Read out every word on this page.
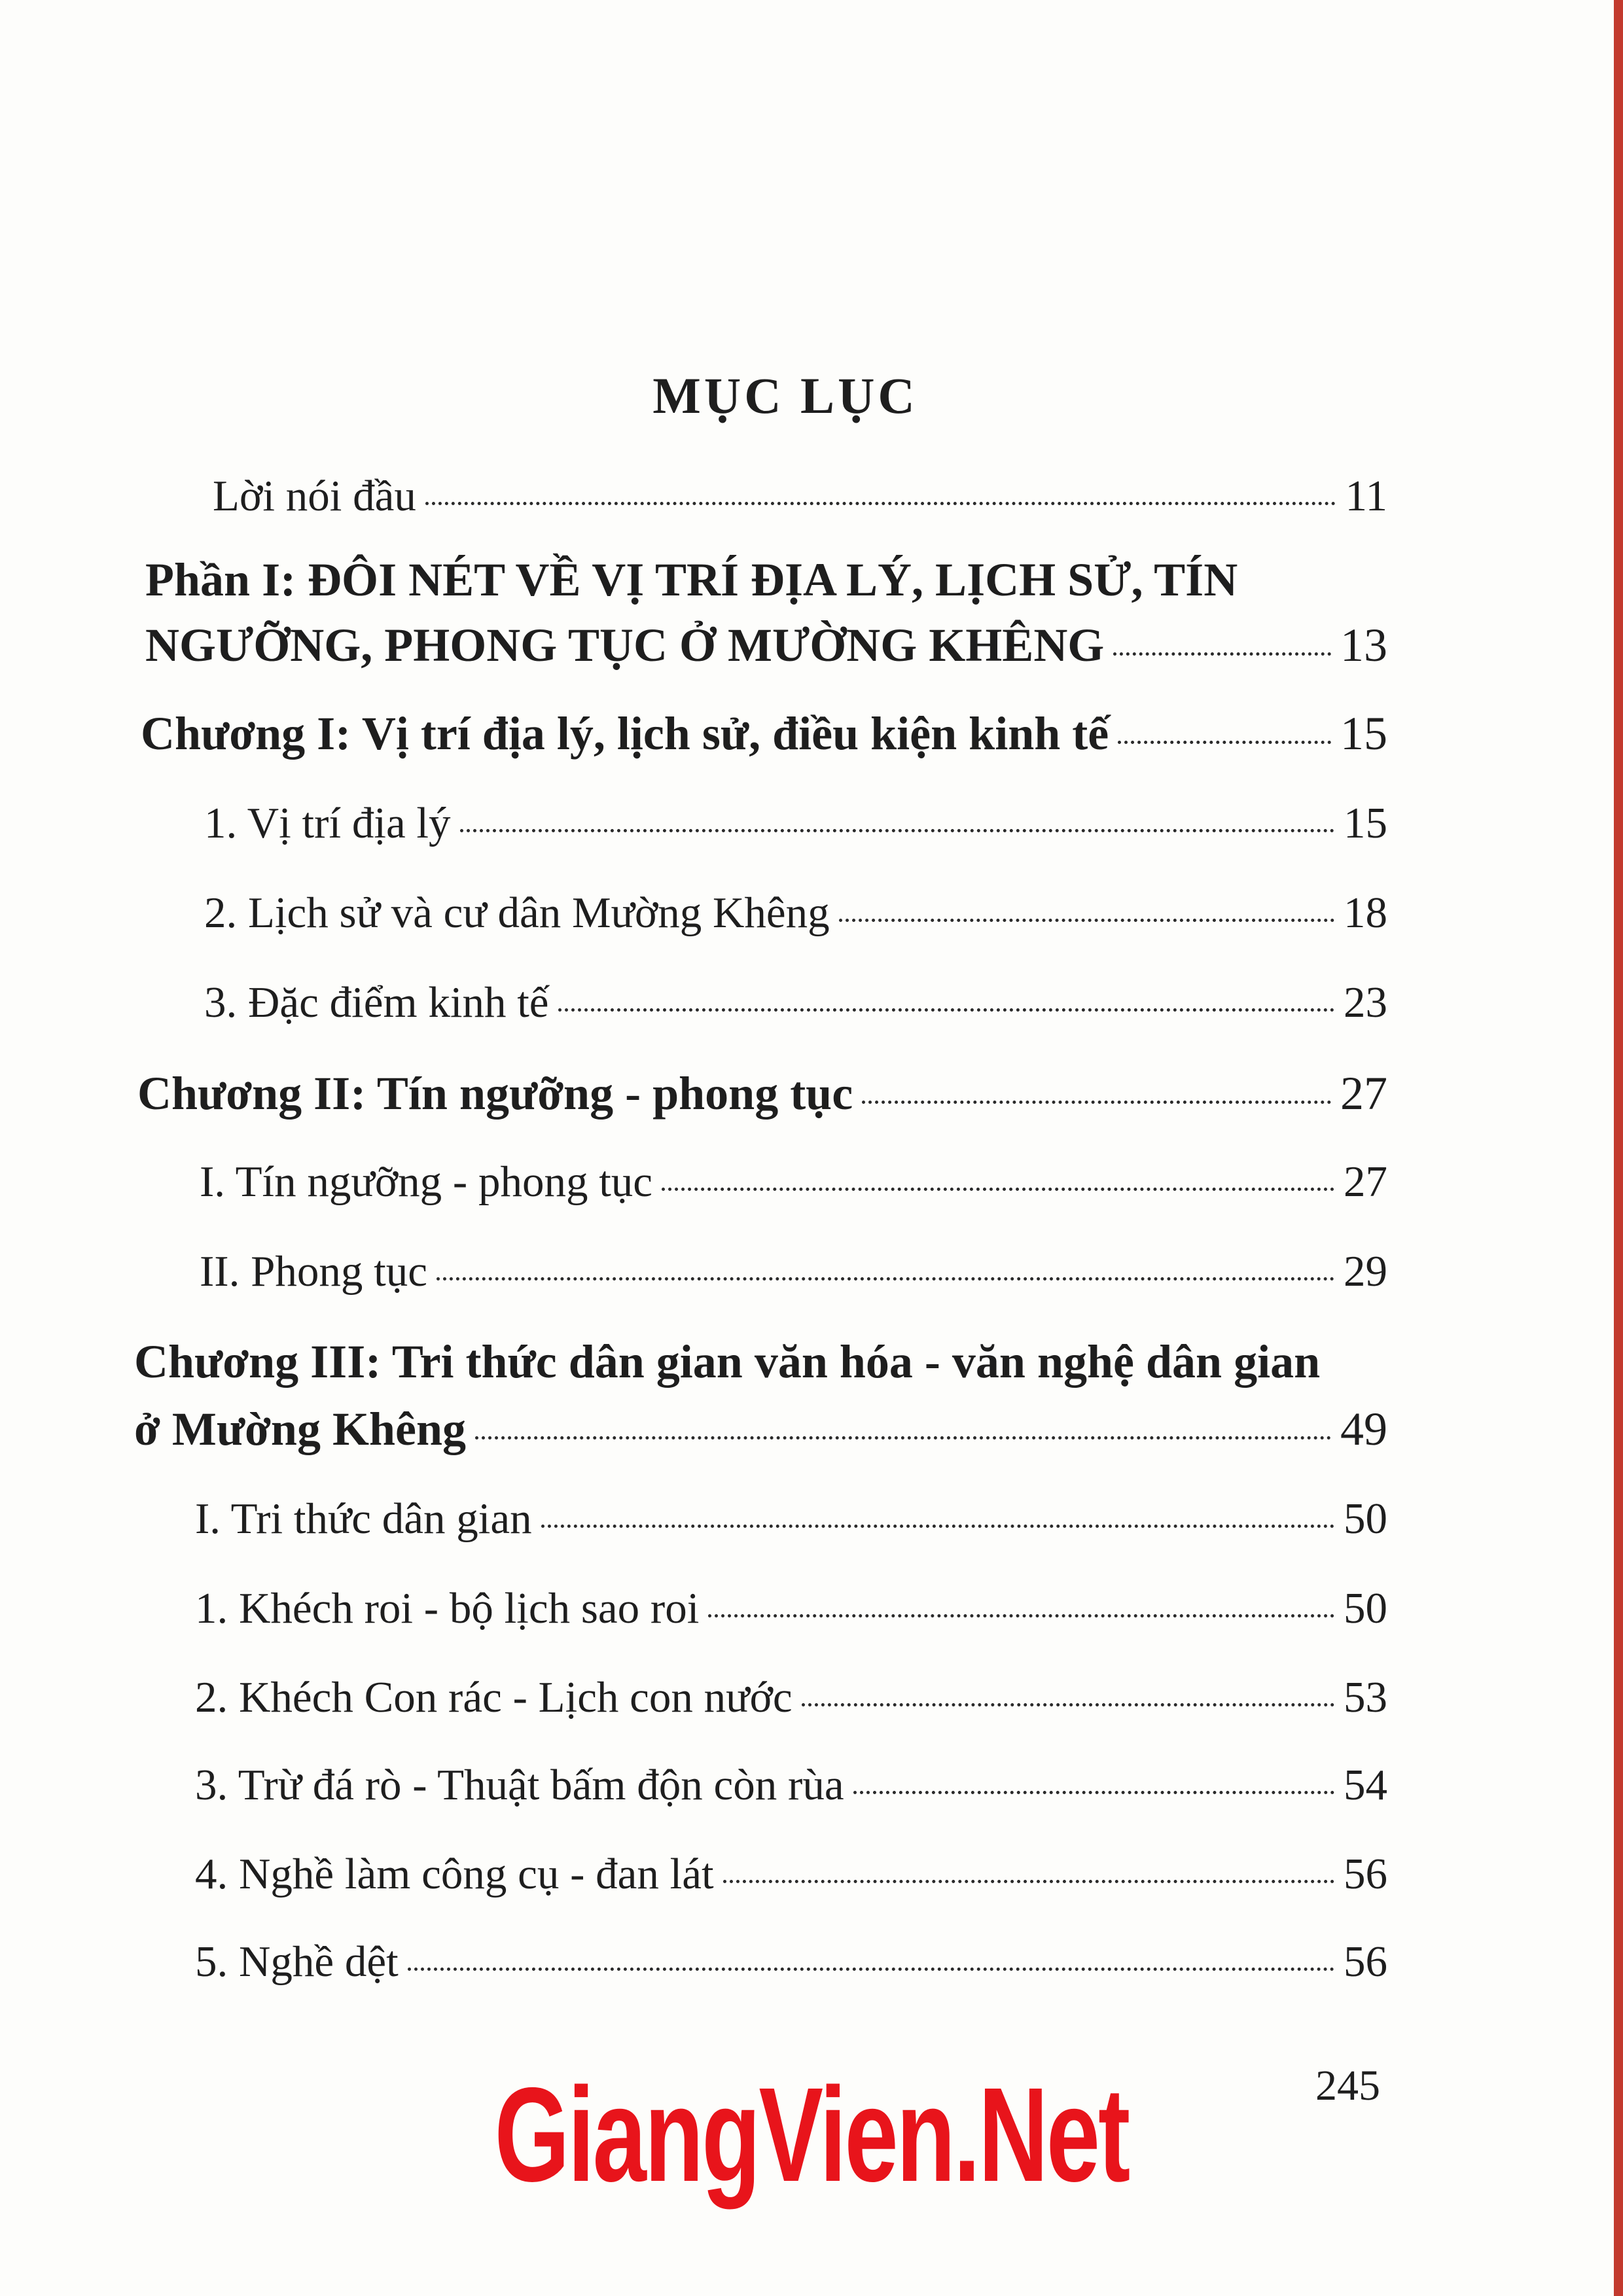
MỤC LỤC
Lời nói đầu	11
Phần I: ĐÔI NÉT VỀ VỊ TRÍ ĐỊA LÝ, LỊCH SỬ, TÍN
NGƯỠNG, PHONG TỤC Ở MƯỜNG KHÊNG	13
Chương I: Vị trí địa lý, lịch sử, điều kiện kinh tế	15
1. Vị trí địa lý	15
2. Lịch sử và cư dân Mường Khêng	18
3. Đặc điểm kinh tế	23
Chương II: Tín ngưỡng - phong tục	27
I. Tín ngưỡng - phong tục	27
II. Phong tục	29
Chương III: Tri thức dân gian văn hóa - văn nghệ dân gian
ở Mường Khêng	49
I. Tri thức dân gian	50
1. Khéch roi - bộ lịch sao roi	50
2. Khéch Con rác - Lịch con nước	53
3. Trừ đá rò - Thuật bấm độn còn rùa	54
4. Nghề làm công cụ - đan lát	56
5. Nghề dệt	56

245

GiangVien.Net
